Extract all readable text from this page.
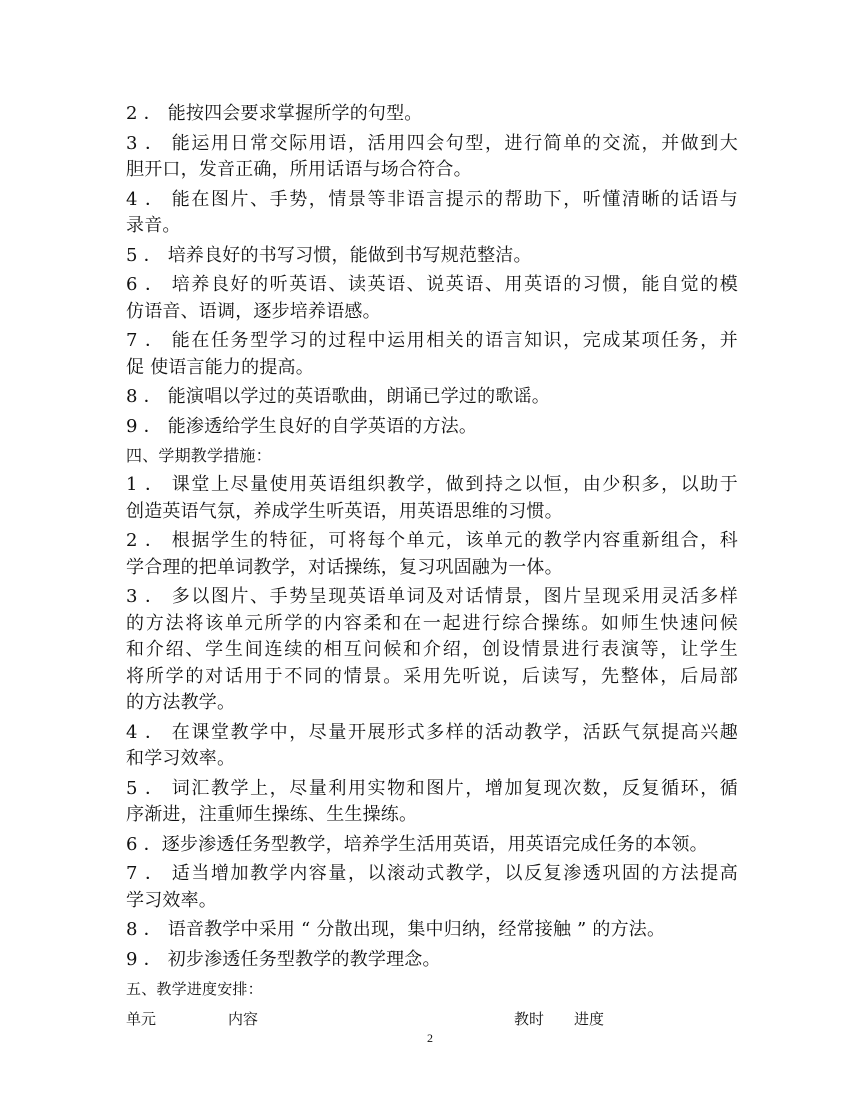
2 ． 能按四会要求掌握所学的句型。
3 ． 能运用日常交际用语，活用四会句型，进行简单的交流，并做到大
胆开口，发音正确，所用话语与场合符合。
4 ． 能在图片、手势，情景等非语言提示的帮助下，听懂清晰的话语与
录音。
5 ． 培养良好的书写习惯，能做到书写规范整洁。
6 ． 培养良好的听英语、读英语、说英语、用英语的习惯，能自觉的模
仿语音、语调，逐步培养语感。
7 ． 能在任务型学习的过程中运用相关的语言知识，完成某项任务，并
促 使语言能力的提高。
8 ． 能演唱以学过的英语歌曲，朗诵已学过的歌谣。
9 ． 能渗透给学生良好的自学英语的方法。
四、学期教学措施：
1 ． 课堂上尽量使用英语组织教学，做到持之以恒，由少积多，以助于
创造英语气氛，养成学生听英语，用英语思维的习惯。
2 ． 根据学生的特征，可将每个单元，该单元的教学内容重新组合，科
学合理的把单词教学，对话操练，复习巩固融为一体。
3 ． 多以图片、手势呈现英语单词及对话情景，图片呈现采用灵活多样
的方法将该单元所学的内容柔和在一起进行综合操练。如师生快速问候
和介绍、学生间连续的相互问候和介绍，创设情景进行表演等，让学生
将所学的对话用于不同的情景。采用先听说，后读写，先整体，后局部
的方法教学。
4 ． 在课堂教学中，尽量开展形式多样的活动教学，活跃气氛提高兴趣
和学习效率。
5 ． 词汇教学上，尽量利用实物和图片，增加复现次数，反复循环，循
序渐进，注重师生操练、生生操练。
6 ．逐步渗透任务型教学，培养学生活用英语，用英语完成任务的本领。
7 ． 适当增加教学内容量，以滚动式教学，以反复渗透巩固的方法提高
学习效率。
8 ． 语音教学中采用 “ 分散出现，集中归纳，经常接触 ” 的方法。
9 ． 初步渗透任务型教学的教学理念。
五、教学进度安排：
单元	内容	教时	进度
2
